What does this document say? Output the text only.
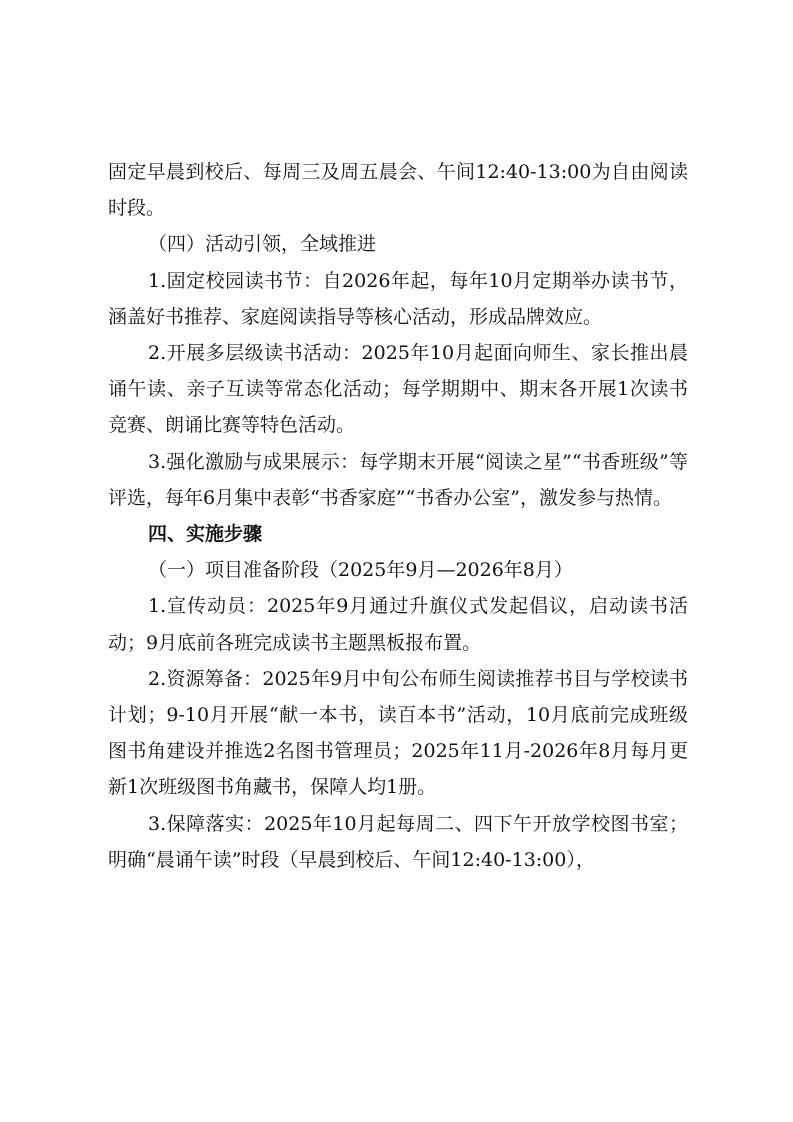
固定早晨到校后、每周三及周五晨会、午间12:40-13:00为自由阅读时段。

（四）活动引领，全域推进

1.固定校园读书节：自2026年起，每年10月定期举办读书节，涵盖好书推荐、家庭阅读指导等核心活动，形成品牌效应。

2.开展多层级读书活动：2025年10月起面向师生、家长推出晨诵午读、亲子互读等常态化活动；每学期期中、期末各开展1次读书竞赛、朗诵比赛等特色活动。

3.强化激励与成果展示：每学期末开展“阅读之星”“书香班级”等评选，每年6月集中表彰“书香家庭”“书香办公室”，激发参与热情。

四、实施步骤

（一）项目准备阶段（2025年9月—2026年8月）

1.宣传动员：2025年9月通过升旗仪式发起倡议，启动读书活动；9月底前各班完成读书主题黑板报布置。

2.资源筹备：2025年9月中旬公布师生阅读推荐书目与学校读书计划；9-10月开展“献一本书，读百本书”活动，10月底前完成班级图书角建设并推选2名图书管理员；2025年11月-2026年8月每月更新1次班级图书角藏书，保障人均1册。

3.保障落实：2025年10月起每周二、四下午开放学校图书室；明确“晨诵午读”时段（早晨到校后、午间12:40-13:00），
